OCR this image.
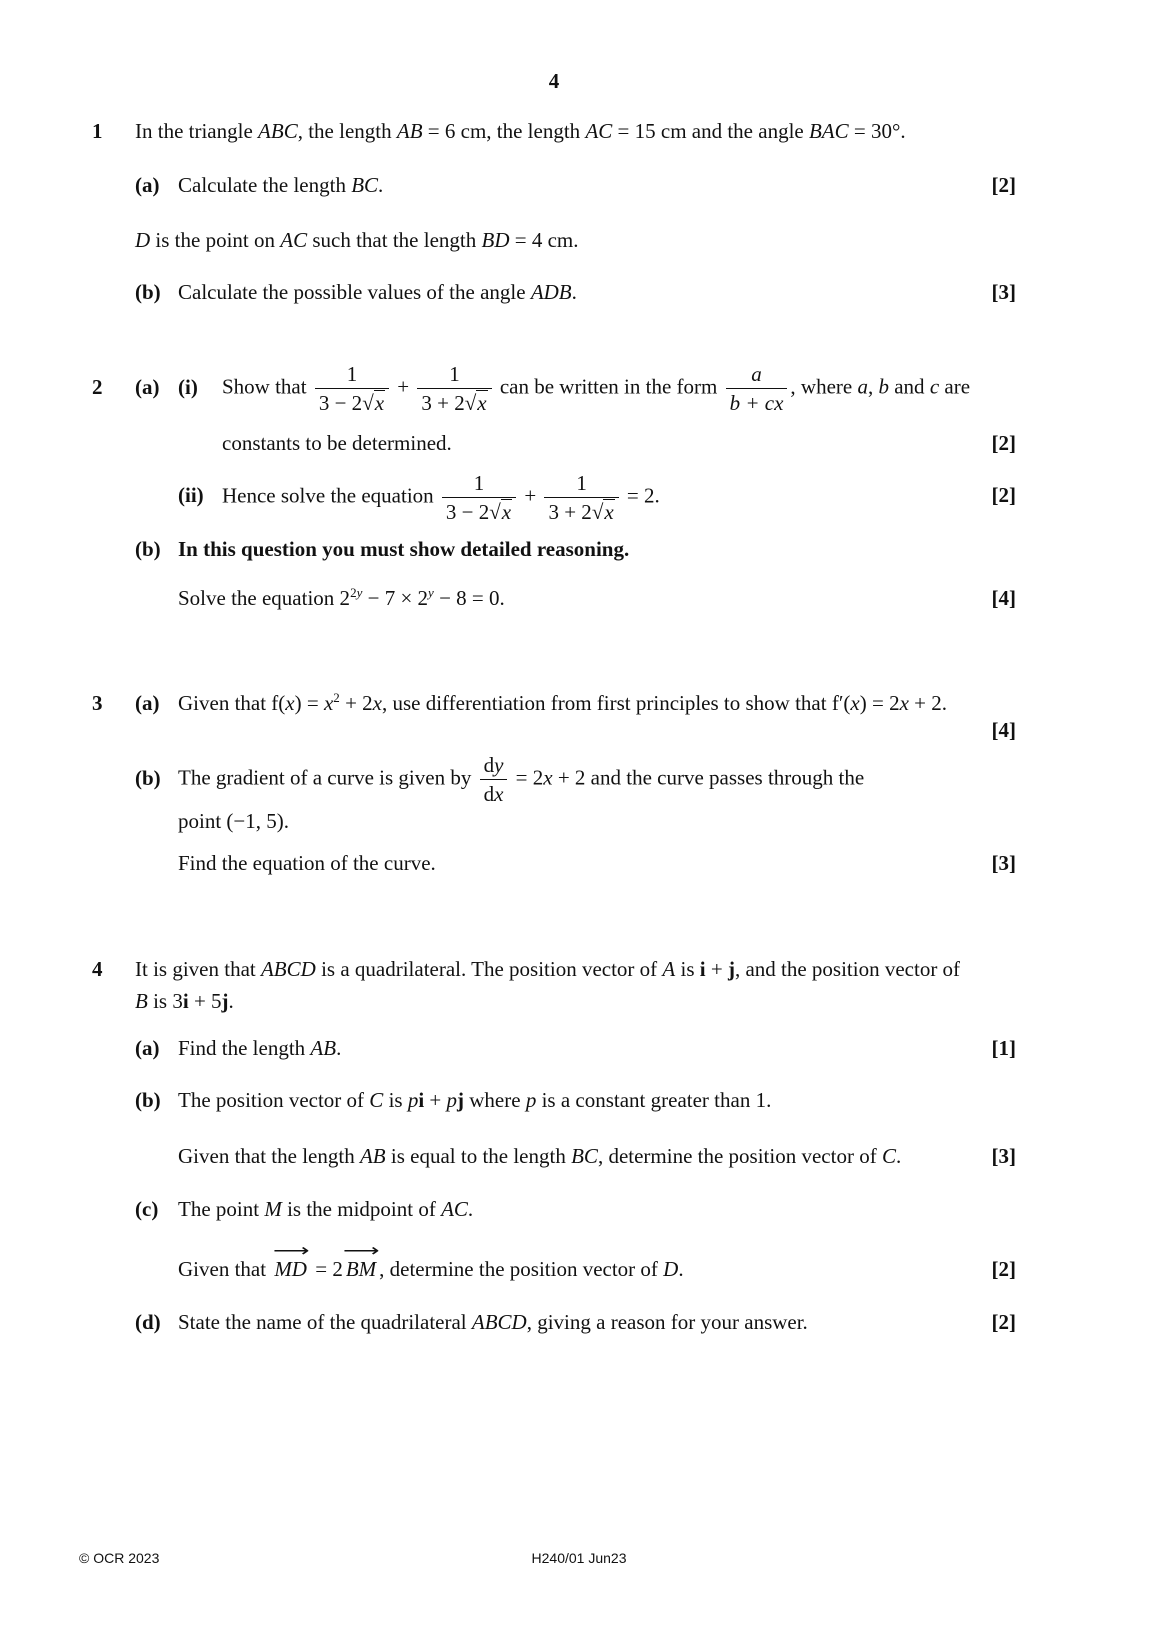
4
1	In the triangle ABC, the length AB = 6 cm, the length AC = 15 cm and the angle BAC = 30°.
(a) Calculate the length BC.	[2]
D is the point on AC such that the length BD = 4 cm.
(b) Calculate the possible values of the angle ADB.	[3]
2	(a) (i)	Show that $\frac{1}{3 - 2√x} + \frac{1}{3 + 2√x}$ can be written in the form $\frac{a}{b + cx}$ , where a, b and c are
constants to be determined.	[2]
(ii) Hence solve the equation $\frac{1}{3 - 2√x} + \frac{1}{3 + 2√x} = 2$.	[2]
(b) In this question you must show detailed reasoning.
Solve the equation $2^{2y} - 7 \times 2^y - 8 = 0$.	[4]
3	(a) Given that $f(x) = x^2 + 2x$, use differentiation from first principles to show that f′(x) = 2x + 2.
[4]
(b) The gradient of a curve is given by $\frac{dy}{dx} = 2x + 2$ and the curve passes through the
point (−1, 5).
Find the equation of the curve.	[3]
4	It is given that ABCD is a quadrilateral. The position vector of A is i + j, and the position vector of
B is 3i + 5j.
(a) Find the length AB.	[1]
(b) The position vector of C is pi + pj where p is a constant greater than 1.
Given that the length AB is equal to the length BC, determine the position vector of C.	[3]
(c) The point M is the midpoint of AC.
Given that
⟶
MD = 2
⟶
BM , determine the position vector of D.	[2]
(d) State the name of the quadrilateral ABCD, giving a reason for your answer.	[2]
© OCR 2023	H240/01 Jun23
